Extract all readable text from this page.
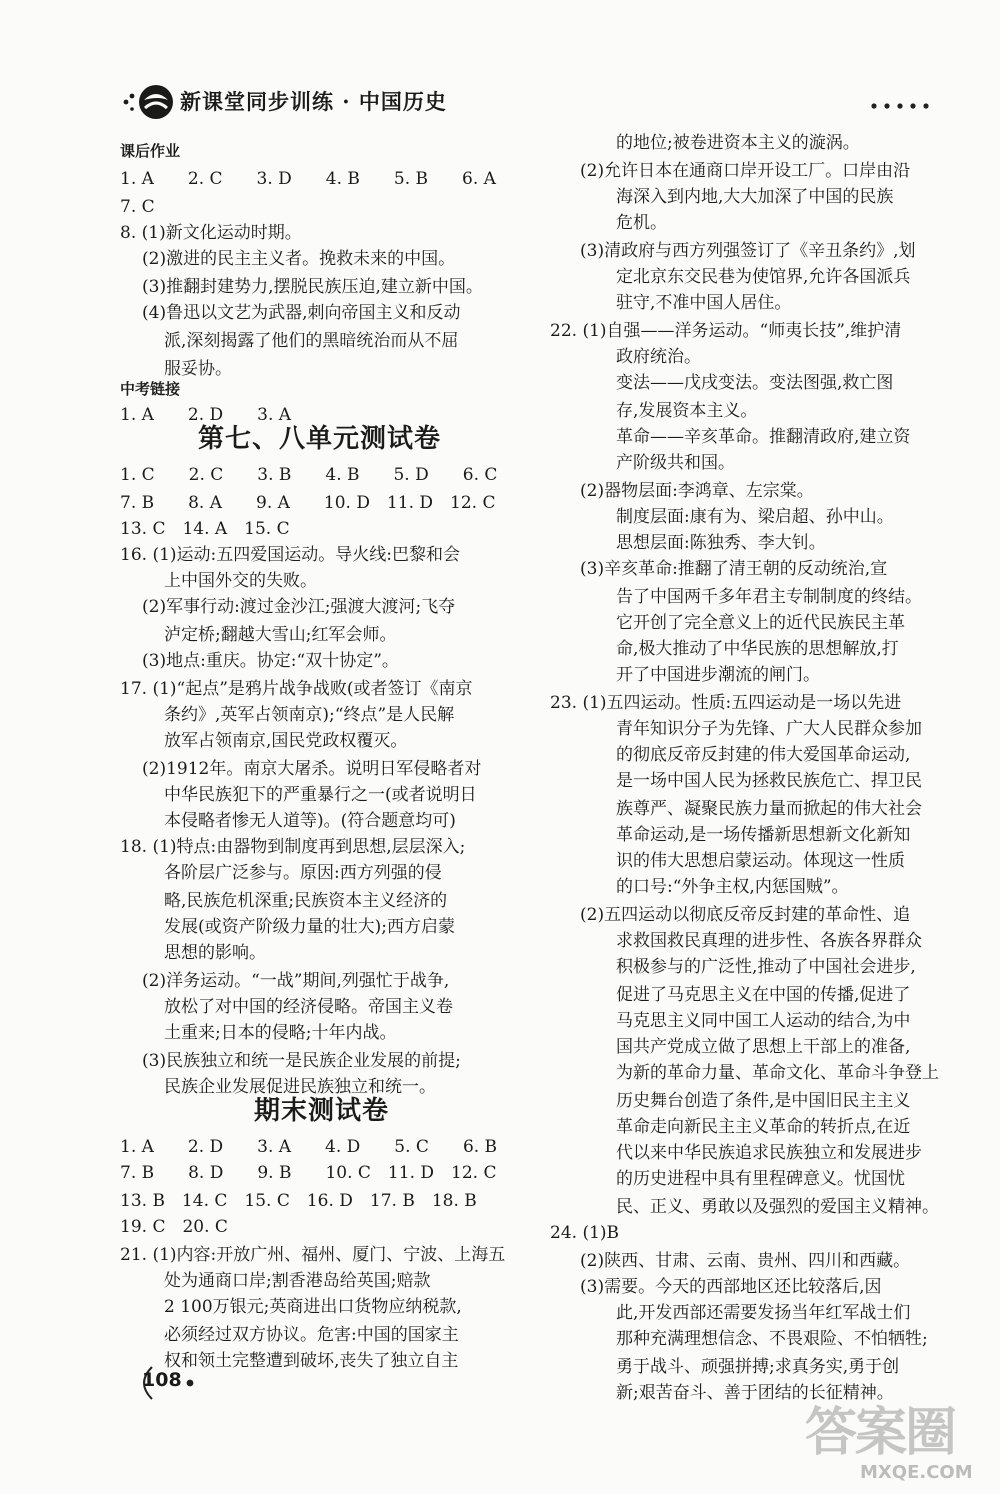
新课堂同步训练 · 中国历史
课后作业
1. A　　2. C　　3. D　　4. B　　5. B　　6. A
7. C
8. (1)新文化运动时期。
(2)激进的民主主义者。挽救未来的中国。
(3)推翻封建势力,摆脱民族压迫,建立新中国。
(4)鲁迅以文艺为武器,刺向帝国主义和反动
派,深刻揭露了他们的黑暗统治而从不屈
服妥协。
中考链接
1. A　　2. D　　3. A
第七、八单元测试卷
1. C　　2. C　　3. B　　4. B　　5. D　　6. C
7. B　　8. A　　9. A　　10. D　11. D　12. C
13. C　14. A　15. C
16. (1)运动:五四爱国运动。导火线:巴黎和会
上中国外交的失败。
(2)军事行动:渡过金沙江;强渡大渡河;飞夺
泸定桥;翻越大雪山;红军会师。
(3)地点:重庆。协定:“双十协定”。
17. (1)“起点”是鸦片战争战败(或者签订《南京
条约》,英军占领南京);“终点”是人民解
放军占领南京,国民党政权覆灭。
(2)1912年。南京大屠杀。说明日军侵略者对
中华民族犯下的严重暴行之一(或者说明日
本侵略者惨无人道等)。(符合题意均可)
18. (1)特点:由器物到制度再到思想,层层深入;
各阶层广泛参与。原因:西方列强的侵
略,民族危机深重;民族资本主义经济的
发展(或资产阶级力量的壮大);西方启蒙
思想的影响。
(2)洋务运动。“一战”期间,列强忙于战争,
放松了对中国的经济侵略。帝国主义卷
土重来;日本的侵略;十年内战。
(3)民族独立和统一是民族企业发展的前提;
民族企业发展促进民族独立和统一。
期末测试卷
1. A　　2. D　　3. A　　4. D　　5. C　　6. B
7. B　　8. D　　9. B　　10. C　11. D　12. C
13. B　14. C　15. C　16. D　17. B　18. B
19. C　20. C
21. (1)内容:开放广州、福州、厦门、宁波、上海五
处为通商口岸;割香港岛给英国;赔款
2 100万银元;英商进出口货物应纳税款,
必须经过双方协议。危害:中国的国家主
权和领土完整遭到破坏,丧失了独立自主
的地位;被卷进资本主义的漩涡。
(2)允许日本在通商口岸开设工厂。口岸由沿
海深入到内地,大大加深了中国的民族
危机。
(3)清政府与西方列强签订了《辛丑条约》,划
定北京东交民巷为使馆界,允许各国派兵
驻守,不准中国人居住。
22. (1)自强——洋务运动。“师夷长技”,维护清
政府统治。
变法——戊戌变法。变法图强,救亡图
存,发展资本主义。
革命——辛亥革命。推翻清政府,建立资
产阶级共和国。
(2)器物层面:李鸿章、左宗棠。
制度层面:康有为、梁启超、孙中山。
思想层面:陈独秀、李大钊。
(3)辛亥革命:推翻了清王朝的反动统治,宣
告了中国两千多年君主专制制度的终结。
它开创了完全意义上的近代民族民主革
命,极大推动了中华民族的思想解放,打
开了中国进步潮流的闸门。
23. (1)五四运动。性质:五四运动是一场以先进
青年知识分子为先锋、广大人民群众参加
的彻底反帝反封建的伟大爱国革命运动,
是一场中国人民为拯救民族危亡、捍卫民
族尊严、凝聚民族力量而掀起的伟大社会
革命运动,是一场传播新思想新文化新知
识的伟大思想启蒙运动。体现这一性质
的口号:“外争主权,内惩国贼”。
(2)五四运动以彻底反帝反封建的革命性、追
求救国救民真理的进步性、各族各界群众
积极参与的广泛性,推动了中国社会进步,
促进了马克思主义在中国的传播,促进了
马克思主义同中国工人运动的结合,为中
国共产党成立做了思想上干部上的准备,
为新的革命力量、革命文化、革命斗争登上
历史舞台创造了条件,是中国旧民主主义
革命走向新民主主义革命的转折点,在近
代以来中华民族追求民族独立和发展进步
的历史进程中具有里程碑意义。忧国忧
民、正义、勇敢以及强烈的爱国主义精神。
24. (1)B
(2)陕西、甘肃、云南、贵州、四川和西藏。
(3)需要。今天的西部地区还比较落后,因
此,开发西部还需要发扬当年红军战士们
那种充满理想信念、不畏艰险、不怕牺牲;
勇于战斗、顽强拼搏;求真务实,勇于创
新;艰苦奋斗、善于团结的长征精神。
108
答案圈
MXQE.COM
